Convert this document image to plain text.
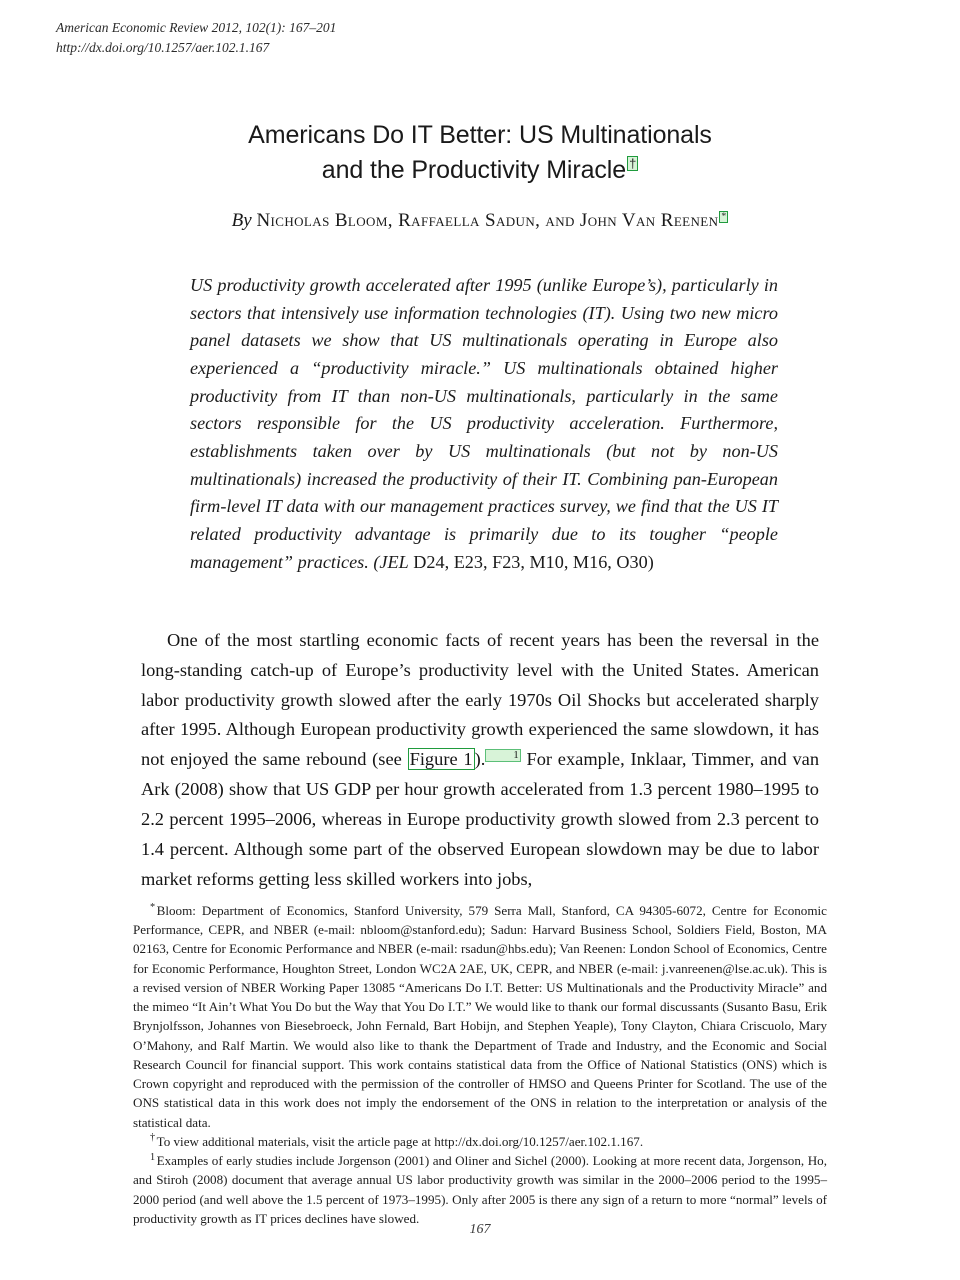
American Economic Review 2012, 102(1): 167–201
http://dx.doi.org/10.1257/aer.102.1.167
Americans Do IT Better: US Multinationals
and the Productivity Miracle †
By Nicholas Bloom, Raffaella Sadun, and John Van Reenen *
US productivity growth accelerated after 1995 (unlike Europe’s), particularly in sectors that intensively use information technologies (IT). Using two new micro panel datasets we show that US multinationals operating in Europe also experienced a “productivity miracle.” US multinationals obtained higher productivity from IT than non-US multinationals, particularly in the same sectors responsible for the US productivity acceleration. Furthermore, establishments taken over by US multinationals (but not by non-US multinationals) increased the productivity of their IT. Combining pan-European firm-level IT data with our management practices survey, we find that the US IT related productivity advantage is primarily due to its tougher “people management” practices. (JEL D24, E23, F23, M10, M16, O30)

One of the most startling economic facts of recent years has been the reversal in the long-standing catch-up of Europe’s productivity level with the United States. American labor productivity growth slowed after the early 1970s Oil Shocks but accelerated sharply after 1995. Although European productivity growth experienced the same slowdown, it has not enjoyed the same rebound (see Figure 1 ).	1 For example, Inklaar, Timmer, and van Ark (2008) show that US GDP per hour growth accelerated from 1.3 percent 1980–1995 to 2.2 percent 1995–2006, whereas in Europe productivity growth slowed from 2.3 percent to 1.4 percent. Although some part of the observed European slowdown may be due to labor market reforms getting less skilled workers into jobs,

* Bloom: Department of Economics, Stanford University, 579 Serra Mall, Stanford, CA 94305-6072, Centre for Economic Performance, CEPR, and NBER (e-mail: nbloom@stanford.edu); Sadun: Harvard Business School, Soldiers Field, Boston, MA 02163, Centre for Economic Performance and NBER (e-mail: rsadun@hbs.edu); Van Reenen: London School of Economics, Centre for Economic Performance, Houghton Street, London WC2A 2AE, UK, CEPR, and NBER (e-mail: j.vanreenen@lse.ac.uk). This is a revised version of NBER Working Paper 13085 “Americans Do I.T. Better: US Multinationals and the Productivity Miracle” and the mimeo “It Ain’t What You Do but the Way that You Do I.T.” We would like to thank our formal discussants (Susanto Basu, Erik Brynjolfsson, Johannes von Biesebroeck, John Fernald, Bart Hobijn, and Stephen Yeaple), Tony Clayton, Chiara Criscuolo, Mary O’Mahony, and Ralf Martin. We would also like to thank the Department of Trade and Industry, and the Economic and Social Research Council for financial support. This work contains statistical data from the Office of National Statistics (ONS) which is Crown copyright and reproduced with the permission of the controller of HMSO and Queens Printer for Scotland. The use of the ONS statistical data in this work does not imply the endorsement of the ONS in relation to the interpretation or analysis of the statistical data.

† To view additional materials, visit the article page at http://dx.doi.org/10.1257/aer.102.1.167.

$^1$ Examples of early studies include Jorgenson (2001) and Oliner and Sichel (2000). Looking at more recent data, Jorgenson, Ho, and Stiroh (2008) document that average annual US labor productivity growth was similar in the 2000–2006 period to the 1995–2000 period (and well above the 1.5 percent of 1973–1995). Only after 2005 is there any sign of a return to more “normal” levels of productivity growth as IT prices declines have slowed.

167
